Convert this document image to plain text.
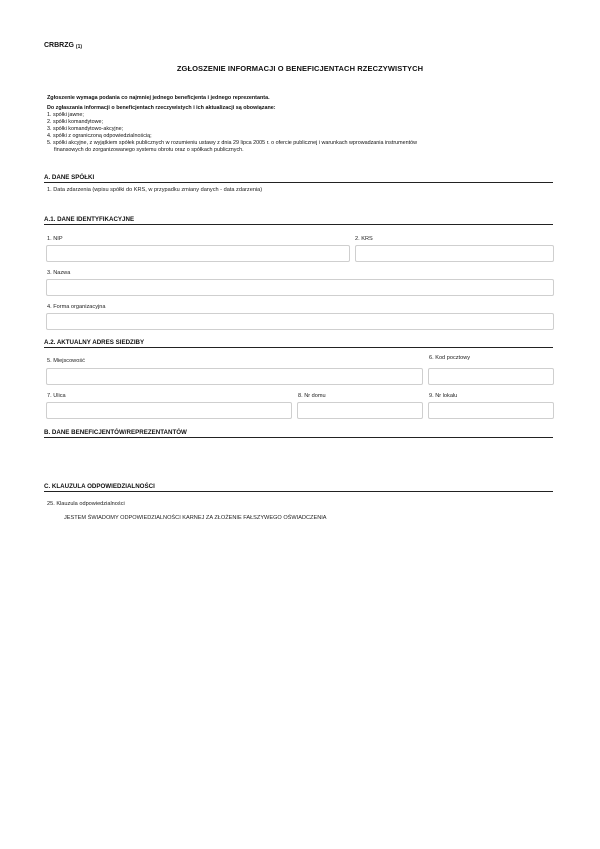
CRBRZG $_{(1)}$
ZGŁOSZENIE INFORMACJI O BENEFICJENTACH RZECZYWISTYCH
Zgłoszenie wymaga podania co najmniej jednego beneficjenta i jednego reprezentanta.
Do zgłaszania informacji o beneficjentach rzeczywistych i ich aktualizacji są obowiązane:
1. spółki jawne;
2. spółki komandytowe;
3. spółki komandytowo-akcyjne;
4. spółki z ograniczoną odpowiedzialnością;
5. spółki akcyjne, z wyjątkiem spółek publicznych w rozumieniu ustawy z dnia 29 lipca 2005 r. o ofercie publicznej i warunkach wprowadzania instrumentów
finansowych do zorganizowanego systemu obrotu oraz o spółkach publicznych.
A. DANE SPÓŁKI
1. Data zdarzenia (wpisu spółki do KRS, w przypadku zmiany danych - data zdarzenia)
A.1. DANE IDENTYFIKACYJNE
1. NIP	2. KRS
3. Nazwa
4. Forma organizacyjna
A.2. AKTUALNY ADRES SIEDZIBY
5. Miejscowość	6. Kod pocztowy
7. Ulica	8. Nr domu	9. Nr lokalu
B. DANE BENEFICJENTÓW/REPREZENTANTÓW
C. KLAUZULA ODPOWIEDZIALNOŚCI
25. Klauzula odpowiedzialności
JESTEM ŚWIADOMY ODPOWIEDZIALNOŚCI KARNEJ ZA ZŁOŻENIE FAŁSZYWEGO OŚWIADCZENIA
